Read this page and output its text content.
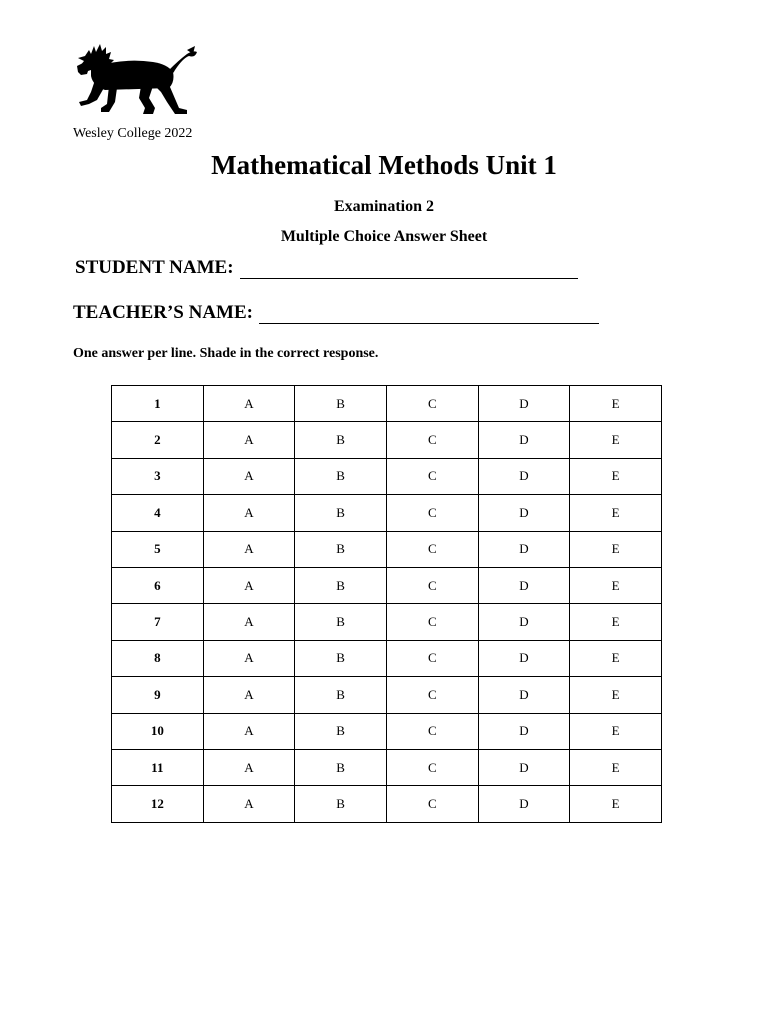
Wesley College 2022
Mathematical Methods Unit 1
Examination 2
Multiple Choice Answer Sheet
STUDENT NAME:
TEACHER’S NAME:
One answer per line. Shade in the correct response.
1	A	B	C	D	E
2	A	B	C	D	E
3	A	B	C	D	E
4	A	B	C	D	E
5	A	B	C	D	E
6	A	B	C	D	E
7	A	B	C	D	E
8	A	B	C	D	E
9	A	B	C	D	E
10	A	B	C	D	E
11	A	B	C	D	E
12	A	B	C	D	E
